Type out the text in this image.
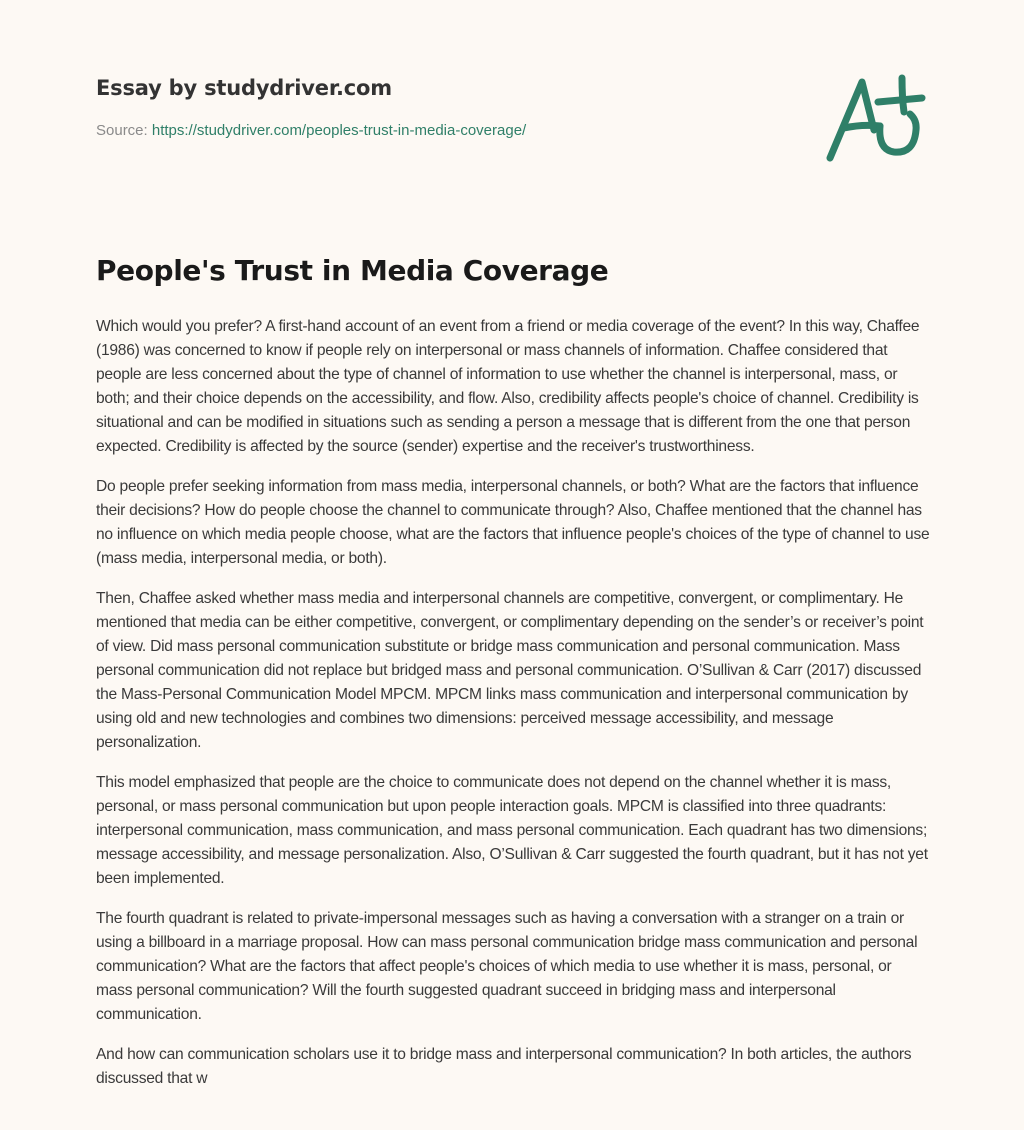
Essay by studydriver.com
Source: https://studydriver.com/peoples-trust-in-media-coverage/
People's Trust in Media Coverage

Which would you prefer? A first-hand account of an event from a friend or media coverage of the event? In this way, Chaffee (1986) was concerned to know if people rely on interpersonal or mass channels of information. Chaffee considered that people are less concerned about the type of channel of information to use whether the channel is interpersonal, mass, or both; and their choice depends on the accessibility, and flow. Also, credibility affects people's choice of channel. Credibility is situational and can be modified in situations such as sending a person a message that is different from the one that person expected. Credibility is affected by the source (sender) expertise and the receiver's trustworthiness.

Do people prefer seeking information from mass media, interpersonal channels, or both? What are the factors that influence their decisions? How do people choose the channel to communicate through? Also, Chaffee mentioned that the channel has no influence on which media people choose, what are the factors that influence people's choices of the type of channel to use (mass media, interpersonal media, or both).

Then, Chaffee asked whether mass media and interpersonal channels are competitive, convergent, or complimentary. He mentioned that media can be either competitive, convergent, or complimentary depending on the sender’s or receiver’s point of view. Did mass personal communication substitute or bridge mass communication and personal communication. Mass personal communication did not replace but bridged mass and personal communication. O’Sullivan & Carr (2017) discussed the Mass-Personal Communication Model MPCM. MPCM links mass communication and interpersonal communication by using old and new technologies and combines two dimensions: perceived message accessibility, and message personalization.

This model emphasized that people are the choice to communicate does not depend on the channel whether it is mass, personal, or mass personal communication but upon people interaction goals. MPCM is classified into three quadrants: interpersonal communication, mass communication, and mass personal communication. Each quadrant has two dimensions; message accessibility, and message personalization. Also, O’Sullivan & Carr suggested the fourth quadrant, but it has not yet been implemented.

The fourth quadrant is related to private-impersonal messages such as having a conversation with a stranger on a train or using a billboard in a marriage proposal. How can mass personal communication bridge mass communication and personal communication? What are the factors that affect people's choices of which media to use whether it is mass, personal, or mass personal communication? Will the fourth suggested quadrant succeed in bridging mass and interpersonal communication.

And how can communication scholars use it to bridge mass and interpersonal communication? In both articles, the authors discussed that w
